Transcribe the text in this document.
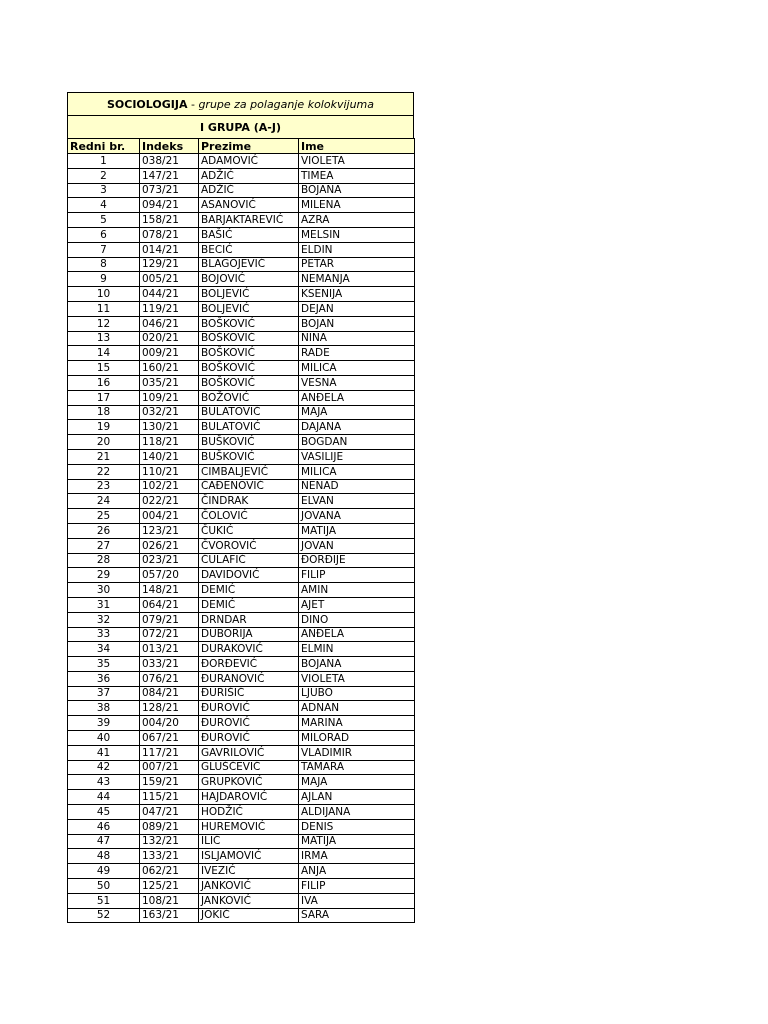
SOCIOLOGIJA - grupe za polaganje kolokvijuma
I GRUPA (A-J)
Redni br.	Indeks	Prezime	Ime
1	038/21	ADAMOVIĆ	VIOLETA
2	147/21	ADŽIĆ	TIMEA
3	073/21	ADŽIĆ	BOJANA
4	094/21	ASANOVIĆ	MILENA
5	158/21	BARJAKTAREVIĆ	AZRA
6	078/21	BAŠIĆ	MELSIN
7	014/21	BECIĆ	ELDIN
8	129/21	BLAGOJEVIĆ	PETAR
9	005/21	BOJOVIĆ	NEMANJA
10	044/21	BOLJEVIĆ	KSENIJA
11	119/21	BOLJEVIĆ	DEJAN
12	046/21	BOŠKOVIĆ	BOJAN
13	020/21	BOŠKOVIĆ	NINA
14	009/21	BOŠKOVIĆ	RADE
15	160/21	BOŠKOVIĆ	MILICA
16	035/21	BOŠKOVIĆ	VESNA
17	109/21	BOŽOVIĆ	ANĐELA
18	032/21	BULATOVIĆ	MAJA
19	130/21	BULATOVIĆ	DAJANA
20	118/21	BUŠKOVIĆ	BOGDAN
21	140/21	BUŠKOVIĆ	VASILIJE
22	110/21	CIMBALJEVIĆ	MILICA
23	102/21	ĆAĐENOVIĆ	NENAD
24	022/21	ČINDRAK	ELVAN
25	004/21	ČOLOVIĆ	JOVANA
26	123/21	ČUKIĆ	MATIJA
27	026/21	ČVOROVIĆ	JOVAN
28	023/21	ĆULAFIĆ	ĐORĐIJE
29	057/20	DAVIDOVIĆ	FILIP
30	148/21	DEMIĆ	AMIN
31	064/21	DEMIĆ	AJET
32	079/21	DRNDAR	DINO
33	072/21	DUBORIJA	ANĐELA
34	013/21	DURAKOVIĆ	ELMIN
35	033/21	ĐORĐEVIĆ	BOJANA
36	076/21	ĐURANOVIĆ	VIOLETA
37	084/21	ĐURIŠIĆ	LJUBO
38	128/21	ĐUROVIĆ	ADNAN
39	004/20	ĐUROVIĆ	MARINA
40	067/21	ĐUROVIĆ	MILORAD
41	117/21	GAVRILOVIĆ	VLADIMIR
42	007/21	GLUŠČEVIĆ	TAMARA
43	159/21	GRUPKOVIĆ	MAJA
44	115/21	HAJDAROVIĆ	AJLAN
45	047/21	HODŽIĆ	ALDIJANA
46	089/21	HUREMOVIĆ	DENIS
47	132/21	ILIĆ	MATIJA
48	133/21	ISLJAMOVIĆ	IRMA
49	062/21	IVEZIĆ	ANJA
50	125/21	JANKOVIĆ	FILIP
51	108/21	JANKOVIĆ	IVA
52	163/21	JOKIĆ	SARA
